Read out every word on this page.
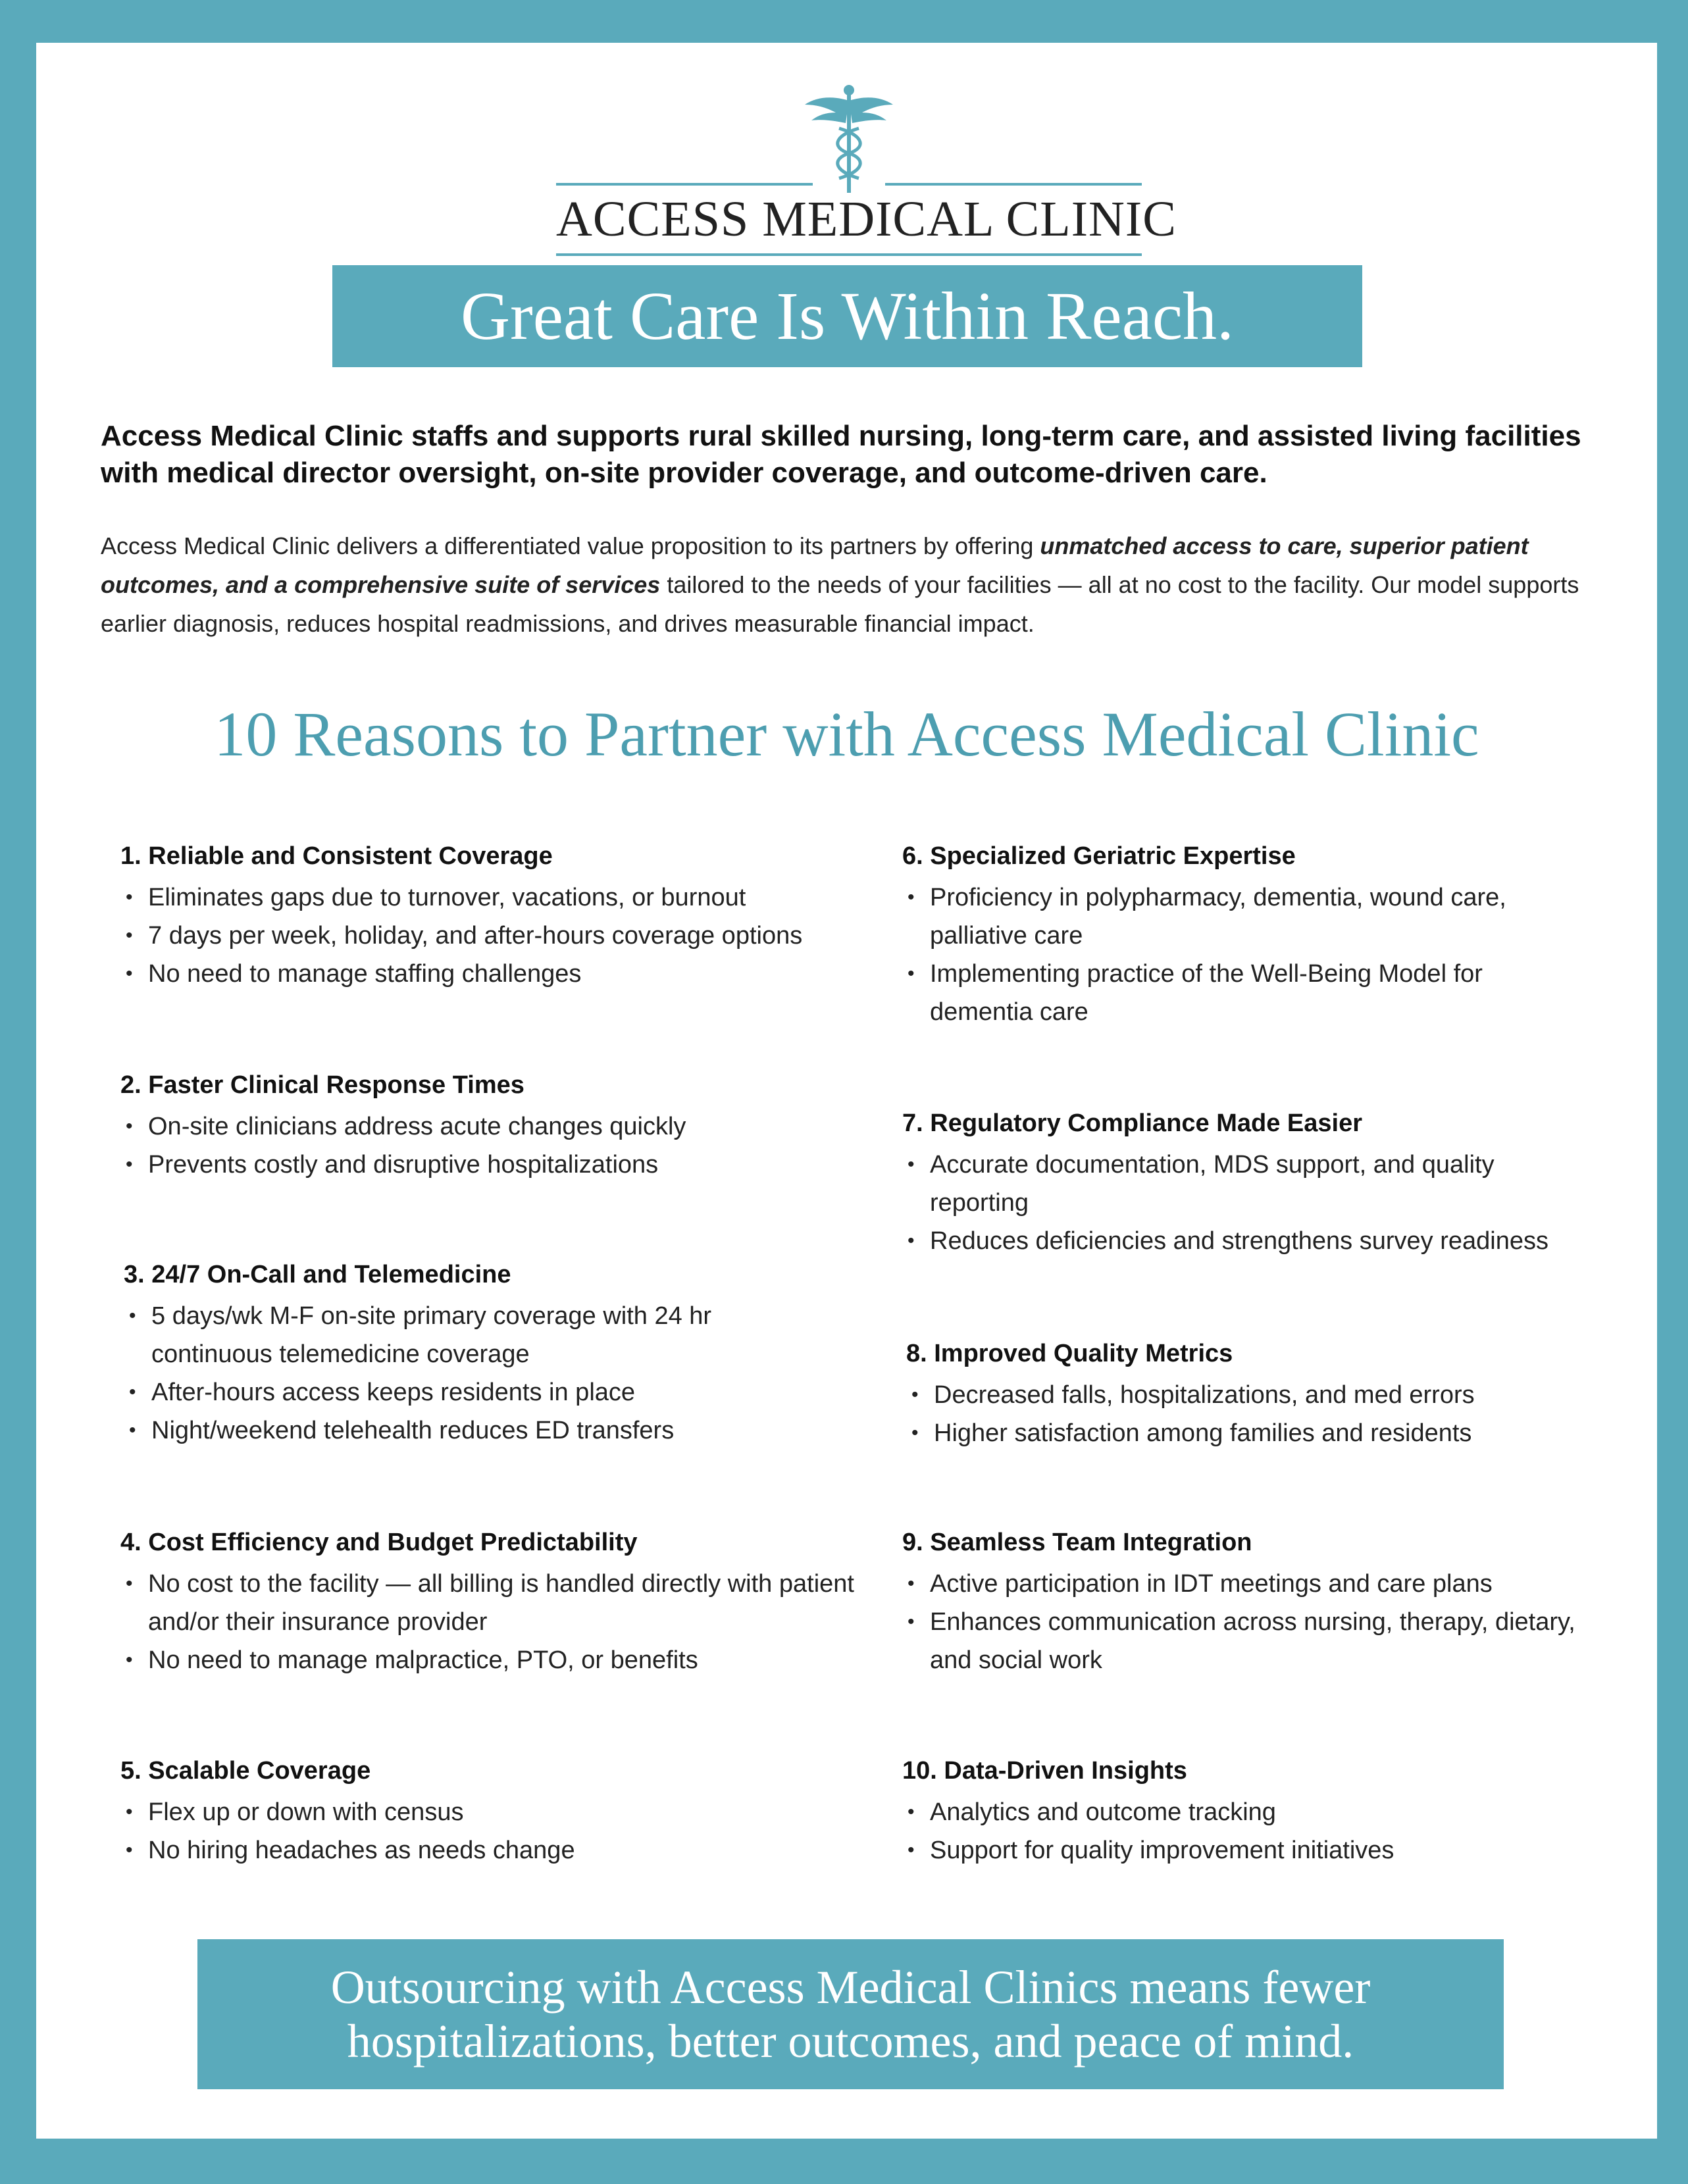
ACCESS MEDICAL CLINIC
Great Care Is Within Reach.
Access Medical Clinic staffs and supports rural skilled nursing, long-term care, and assisted living facilities with medical director oversight, on-site provider coverage, and outcome-driven care.
Access Medical Clinic delivers a differentiated value proposition to its partners by offering unmatched access to care, superior patient outcomes, and a comprehensive suite of services tailored to the needs of your facilities — all at no cost to the facility. Our model supports earlier diagnosis, reduces hospital readmissions, and drives measurable financial impact.
10 Reasons to Partner with Access Medical Clinic
1. Reliable and Consistent Coverage
• Eliminates gaps due to turnover, vacations, or burnout
• 7 days per week, holiday, and after-hours coverage options
• No need to manage staffing challenges
2. Faster Clinical Response Times
• On-site clinicians address acute changes quickly
• Prevents costly and disruptive hospitalizations
3. 24/7 On-Call and Telemedicine
• 5 days/wk M-F on-site primary coverage with 24 hr continuous telemedicine coverage
• After-hours access keeps residents in place
• Night/weekend telehealth reduces ED transfers
4. Cost Efficiency and Budget Predictability
• No cost to the facility — all billing is handled directly with patient and/or their insurance provider
• No need to manage malpractice, PTO, or benefits
5. Scalable Coverage
• Flex up or down with census
• No hiring headaches as needs change
6. Specialized Geriatric Expertise
• Proficiency in polypharmacy, dementia, wound care, palliative care
• Implementing practice of the Well-Being Model for dementia care
7. Regulatory Compliance Made Easier
• Accurate documentation, MDS support, and quality reporting
• Reduces deficiencies and strengthens survey readiness
8. Improved Quality Metrics
• Decreased falls, hospitalizations, and med errors
• Higher satisfaction among families and residents
9. Seamless Team Integration
• Active participation in IDT meetings and care plans
• Enhances communication across nursing, therapy, dietary, and social work
10. Data-Driven Insights
• Analytics and outcome tracking
• Support for quality improvement initiatives
Outsourcing with Access Medical Clinics means fewer hospitalizations, better outcomes, and peace of mind.
